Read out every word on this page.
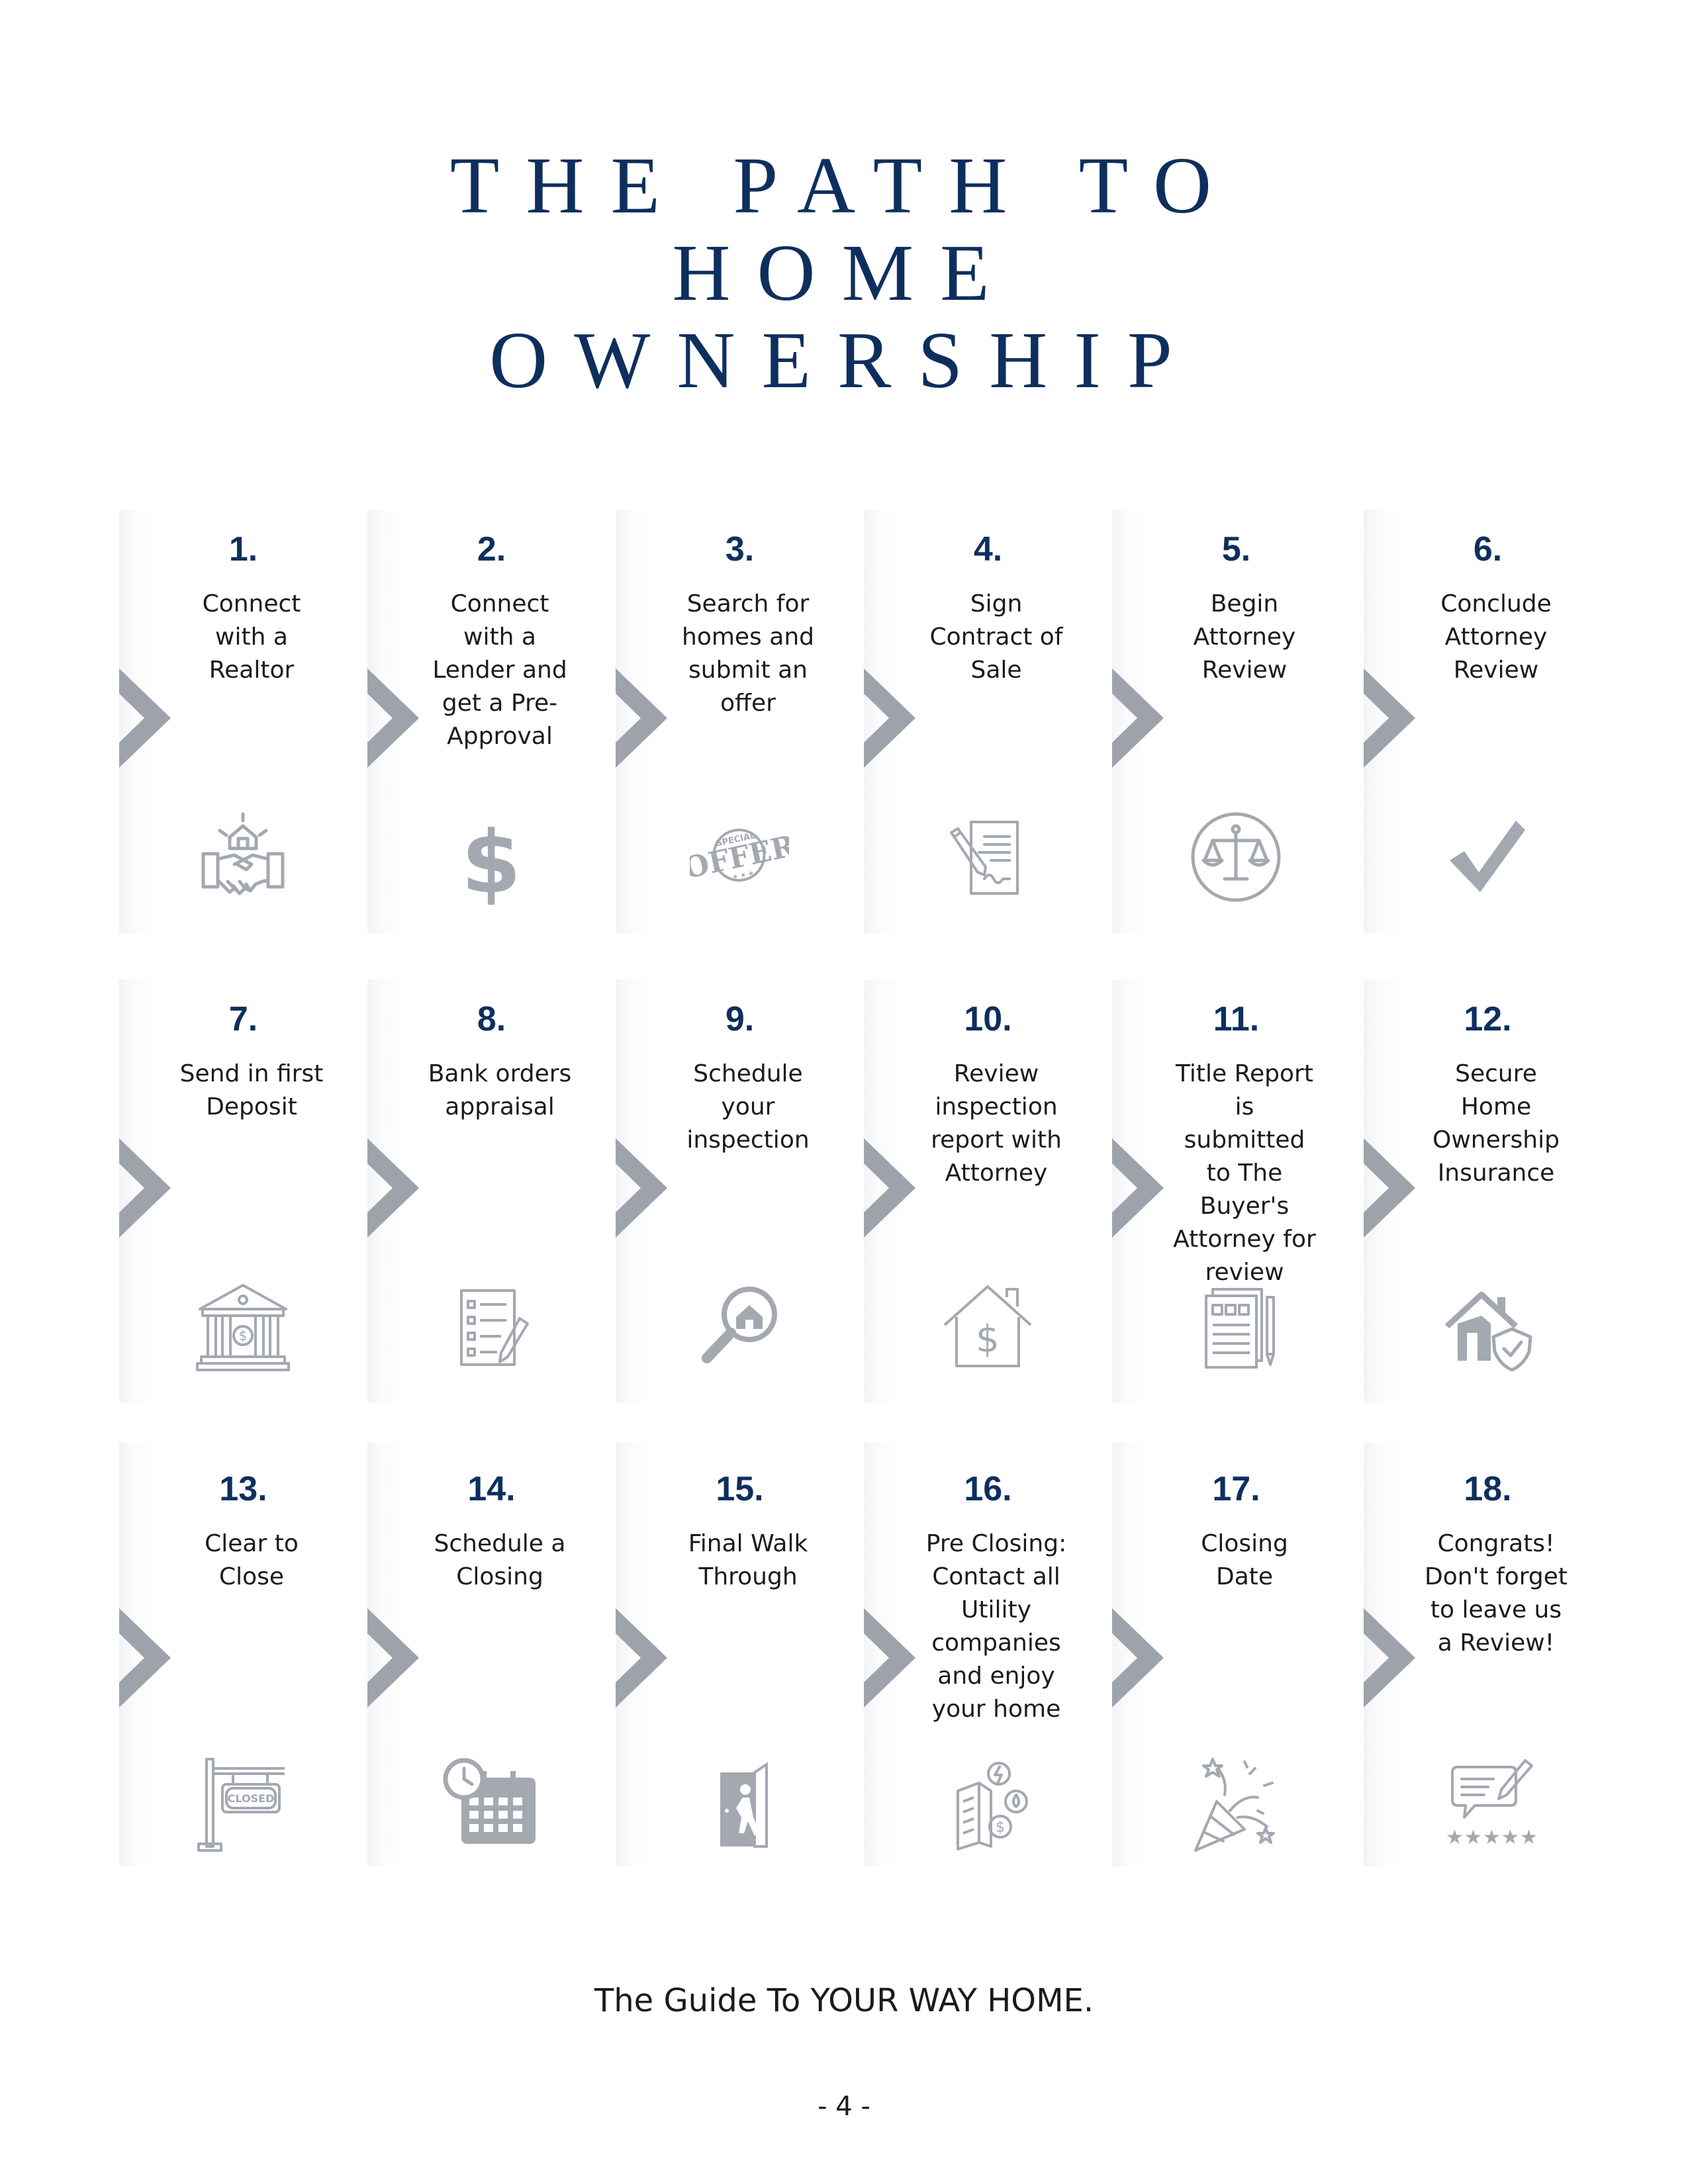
THE PATH TO
HOME
OWNERSHIP
1.
Connect with a Realtor
2.
Connect with a Lender and get a Pre-Approval
$
3.
Search for homes and submit an offer
SPECIAL
OFFER
★ ★ ★
4.
Sign Contract of Sale
5.
Begin Attorney Review
6.
Conclude Attorney Review
7.
Send in first Deposit
$
8.
Bank orders appraisal
9.
Schedule your inspection
10.
Review inspection report with Attorney
$
11.
Title Report is submitted to The Buyer's Attorney for review
12.
Secure Home Ownership Insurance
13.
Clear to Close
CLOSED
14.
Schedule a Closing
15.
Final Walk Through
16.
Pre Closing: Contact all Utility companies and enjoy your home
$
17.
Closing Date
18.
Congrats! Don't forget to leave us a Review!
★ ★ ★ ★ ★
The Guide To YOUR WAY HOME.
- 4 -
